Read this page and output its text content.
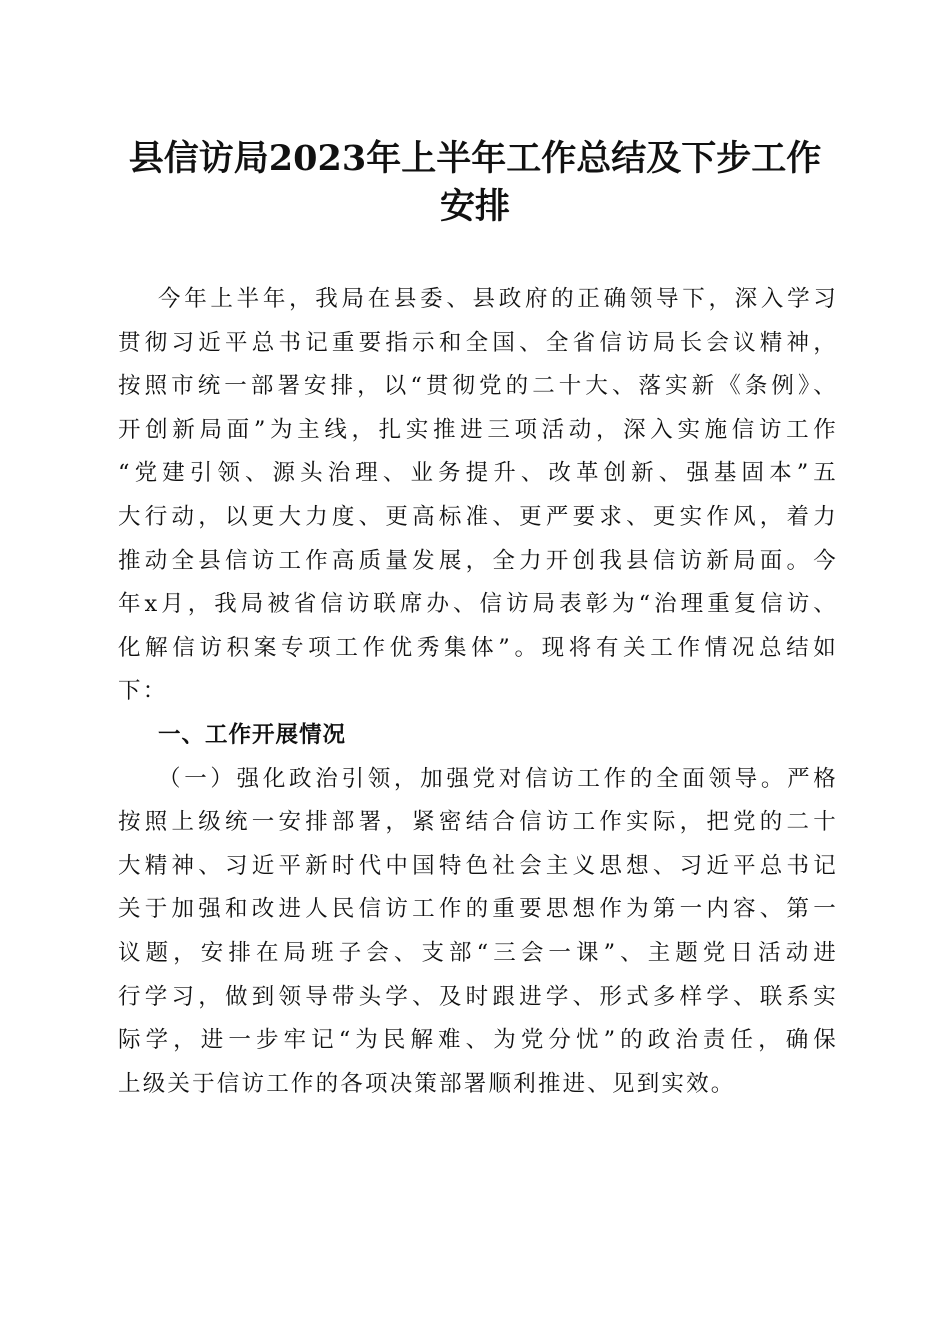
县信访局2023年上半年工作总结及下步工作
安排
今年上半年，我局在县委、县政府的正确领导下，深入学习
贯彻习近平总书记重要指示和全国、全省信访局长会议精神，
按照市统一部署安排，以“贯彻党的二十大、落实新《条例》、
开创新局面”为主线，扎实推进三项活动，深入实施信访工作
“党建引领、源头治理、业务提升、改革创新、强基固本”五
大行动，以更大力度、更高标准、更严要求、更实作风，着力
推动全县信访工作高质量发展，全力开创我县信访新局面。今
年x月，我局被省信访联席办、信访局表彰为“治理重复信访、
化解信访积案专项工作优秀集体”。现将有关工作情况总结如
下：
一、工作开展情况
（一）强化政治引领，加强党对信访工作的全面领导。严格
按照上级统一安排部署，紧密结合信访工作实际，把党的二十
大精神、习近平新时代中国特色社会主义思想、习近平总书记
关于加强和改进人民信访工作的重要思想作为第一内容、第一
议题，安排在局班子会、支部“三会一课”、主题党日活动进
行学习，做到领导带头学、及时跟进学、形式多样学、联系实
际学，进一步牢记“为民解难、为党分忧”的政治责任，确保
上级关于信访工作的各项决策部署顺利推进、见到实效。
